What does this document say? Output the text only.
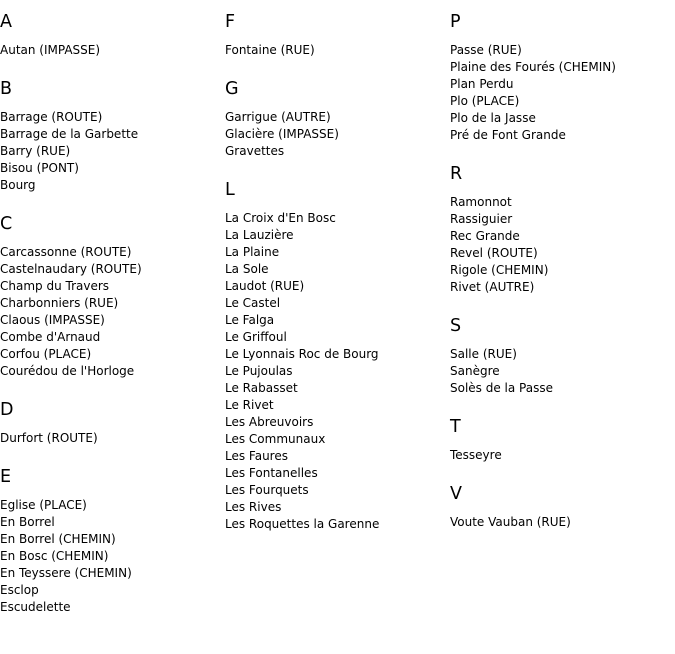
A
Autan (IMPASSE)
B
Barrage (ROUTE)
Barrage de la Garbette
Barry (RUE)
Bisou (PONT)
Bourg
C
Carcassonne (ROUTE)
Castelnaudary (ROUTE)
Champ du Travers
Charbonniers (RUE)
Claous (IMPASSE)
Combe d'Arnaud
Corfou (PLACE)
Courédou de l'Horloge
D
Durfort (ROUTE)
E
Eglise (PLACE)
En Borrel
En Borrel (CHEMIN)
En Bosc (CHEMIN)
En Teyssere (CHEMIN)
Esclop
Escudelette
F
Fontaine (RUE)
G
Garrigue (AUTRE)
Glacière (IMPASSE)
Gravettes
L
La Croix d'En Bosc
La Lauzière
La Plaine
La Sole
Laudot (RUE)
Le Castel
Le Falga
Le Griffoul
Le Lyonnais Roc de Bourg
Le Pujoulas
Le Rabasset
Le Rivet
Les Abreuvoirs
Les Communaux
Les Faures
Les Fontanelles
Les Fourquets
Les Rives
Les Roquettes la Garenne
P
Passe (RUE)
Plaine des Fourés (CHEMIN)
Plan Perdu
Plo (PLACE)
Plo de la Jasse
Pré de Font Grande
R
Ramonnot
Rassiguier
Rec Grande
Revel (ROUTE)
Rigole (CHEMIN)
Rivet (AUTRE)
S
Salle (RUE)
Sanègre
Solès de la Passe
T
Tesseyre
V
Voute Vauban (RUE)
